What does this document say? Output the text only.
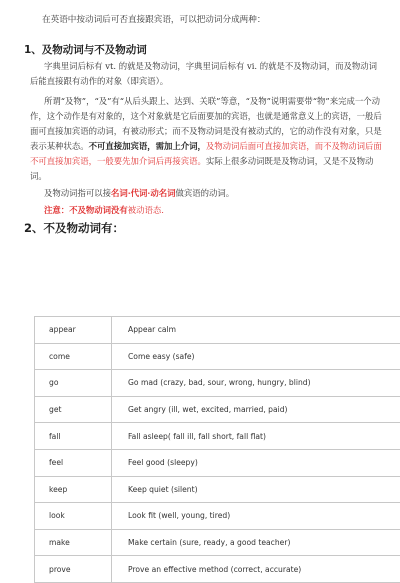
在英语中按动词后可否直接跟宾语，可以把动词分成两种：
1、及物动词与不及物动词
字典里词后标有 vt. 的就是及物动词，字典里词后标有 vi. 的就是不及物动词，而及物动词后能直接跟有动作的对象（即宾语）。
所谓“及物”，“及”有“从后头跟上、达到、关联”等意，“及物”说明需要带“物”来完成一个动作，这个动作是有对象的，这个对象就是它后面要加的宾语，也就是通常意义上的宾语，一般后面可直接加宾语的动词，有被动形式；而不及物动词是没有被动式的，它的动作没有对象，只是表示某种状态。不可直接加宾语，需加上介词，及物动词后面可直接加宾语，而不及物动词后面不可直接加宾语，一般要先加介词后再接宾语。实际上很多动词既是及物动词，又是不及物动词。
及物动词指可以接名词·代词·动名词做宾语的动词。
注意：不及物动词没有被动语态.
2、不及物动词有：
appear	Appear calm
come	Come easy (safe)
go	Go mad (crazy, bad, sour, wrong, hungry, blind)
get	Get angry (ill, wet, excited, married, paid)
fall	Fall asleep( fall ill, fall short, fall flat)
feel	Feel good (sleepy)
keep	Keep quiet (silent)
look	Look fit (well, young, tired)
make	Make certain (sure, ready, a good teacher)
prove	Prove an effective method (correct, accurate)
